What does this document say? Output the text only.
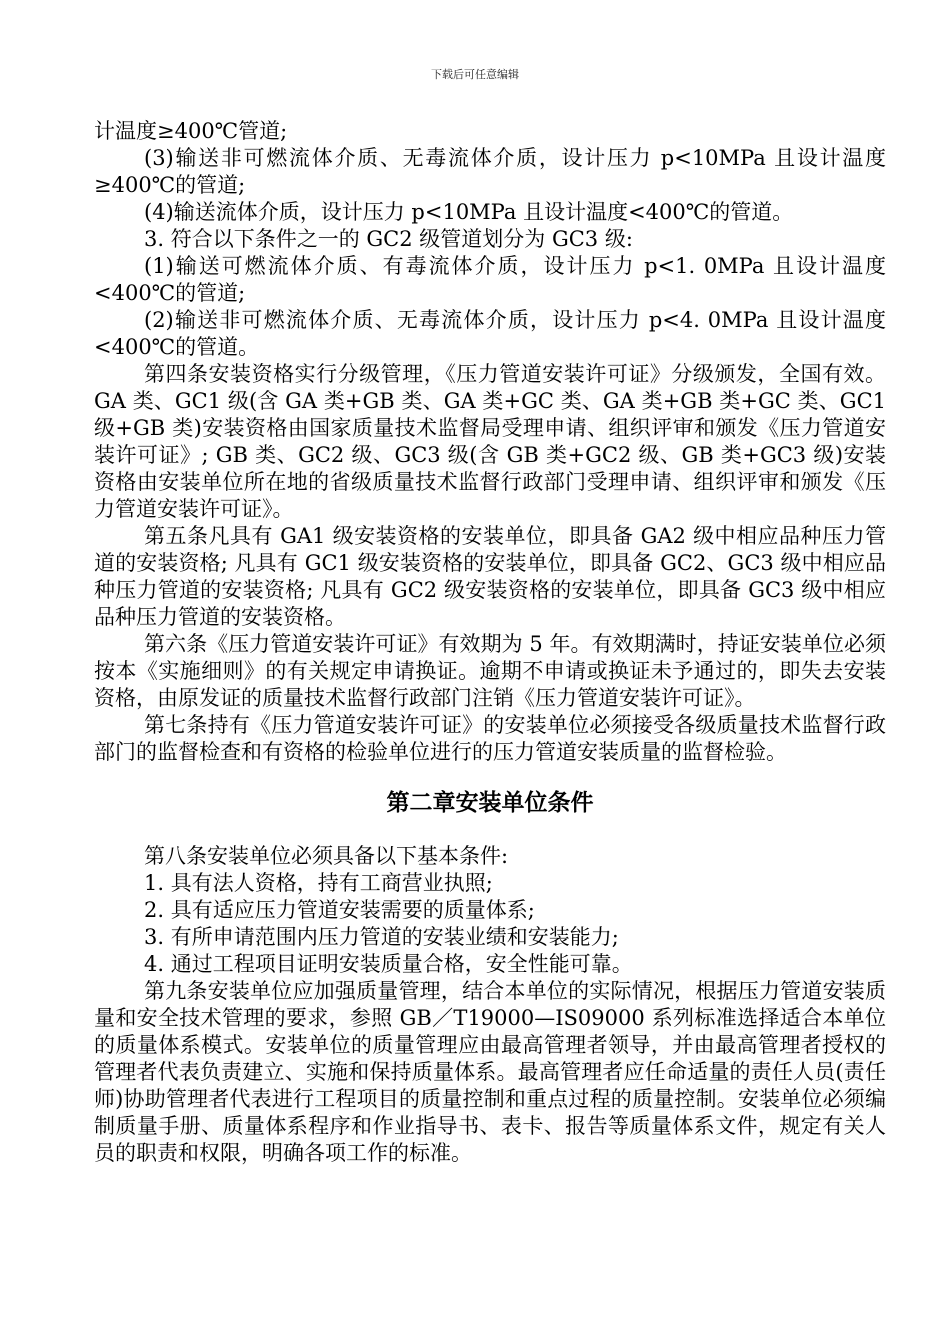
下载后可任意编辑

计温度≥400℃管道;

(3)输送非可燃流体介质、无毒流体介质，设计压力 p<10MPa 且设计温度≥400℃的管道;

(4)输送流体介质，设计压力 p<10MPa 且设计温度<400℃的管道。

3. 符合以下条件之一的 GC2 级管道划分为 GC3 级:

(1)输送可燃流体介质、有毒流体介质，设计压力 p<1. 0MPa 且设计温度<400℃的管道;

(2)输送非可燃流体介质、无毒流体介质，设计压力 p<4. 0MPa 且设计温度<400℃的管道。

第四条安装资格实行分级管理，《压力管道安装许可证》分级颁发，全国有效。GA 类、GC1 级(含 GA 类+GB 类、GA 类+GC 类、GA 类+GB 类+GC 类、GC1 级+GB 类)安装资格由国家质量技术监督局受理申请、组织评审和颁发《压力管道安装许可证》; GB 类、GC2 级、GC3 级(含 GB 类+GC2 级、GB 类+GC3 级)安装资格由安装单位所在地的省级质量技术监督行政部门受理申请、组织评审和颁发《压力管道安装许可证》。

第五条凡具有 GA1 级安装资格的安装单位，即具备 GA2 级中相应品种压力管道的安装资格; 凡具有 GC1 级安装资格的安装单位，即具备 GC2、GC3 级中相应品种压力管道的安装资格; 凡具有 GC2 级安装资格的安装单位，即具备 GC3 级中相应品种压力管道的安装资格。

第六条《压力管道安装许可证》有效期为 5 年。有效期满时，持证安装单位必须按本《实施细则》的有关规定申请换证。逾期不申请或换证未予通过的，即失去安装资格，由原发证的质量技术监督行政部门注销《压力管道安装许可证》。

第七条持有《压力管道安装许可证》的安装单位必须接受各级质量技术监督行政部门的监督检查和有资格的检验单位进行的压力管道安装质量的监督检验。

第二章安装单位条件

第八条安装单位必须具备以下基本条件:

1. 具有法人资格，持有工商营业执照;

2. 具有适应压力管道安装需要的质量体系;

3. 有所申请范围内压力管道的安装业绩和安装能力;

4. 通过工程项目证明安装质量合格，安全性能可靠。

第九条安装单位应加强质量管理，结合本单位的实际情况，根据压力管道安装质量和安全技术管理的要求，参照 GB／T19000—IS09000 系列标准选择适合本单位的质量体系模式。安装单位的质量管理应由最高管理者领导，并由最高管理者授权的管理者代表负责建立、实施和保持质量体系。最高管理者应任命适量的责任人员(责任师)协助管理者代表进行工程项目的质量控制和重点过程的质量控制。安装单位必须编制质量手册、质量体系程序和作业指导书、表卡、报告等质量体系文件，规定有关人员的职责和权限，明确各项工作的标准。
